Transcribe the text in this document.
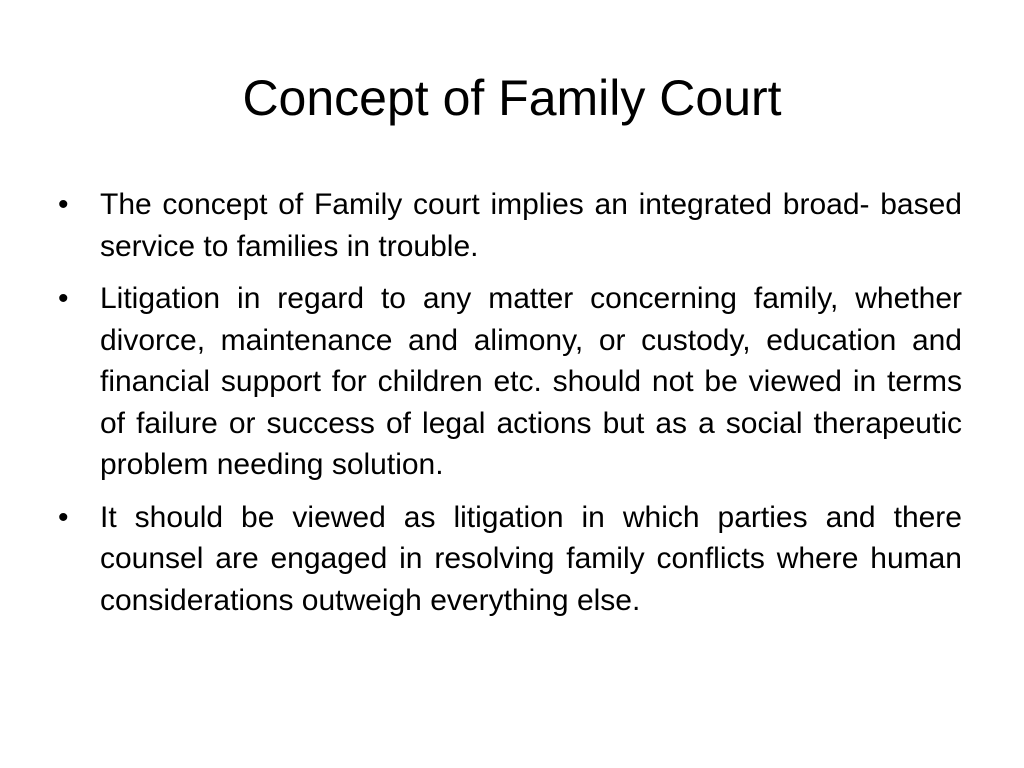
Concept of Family Court
•	The concept of Family court implies an integrated broad- based service to families in trouble.
•	Litigation in regard to any matter concerning family, whether divorce, maintenance and alimony, or custody, education and financial support for children etc. should not be viewed in terms of failure or success of legal actions but as a social therapeutic problem needing solution.
•	It should be viewed as litigation in which parties and there counsel are engaged in resolving family conflicts where human considerations outweigh everything else.
